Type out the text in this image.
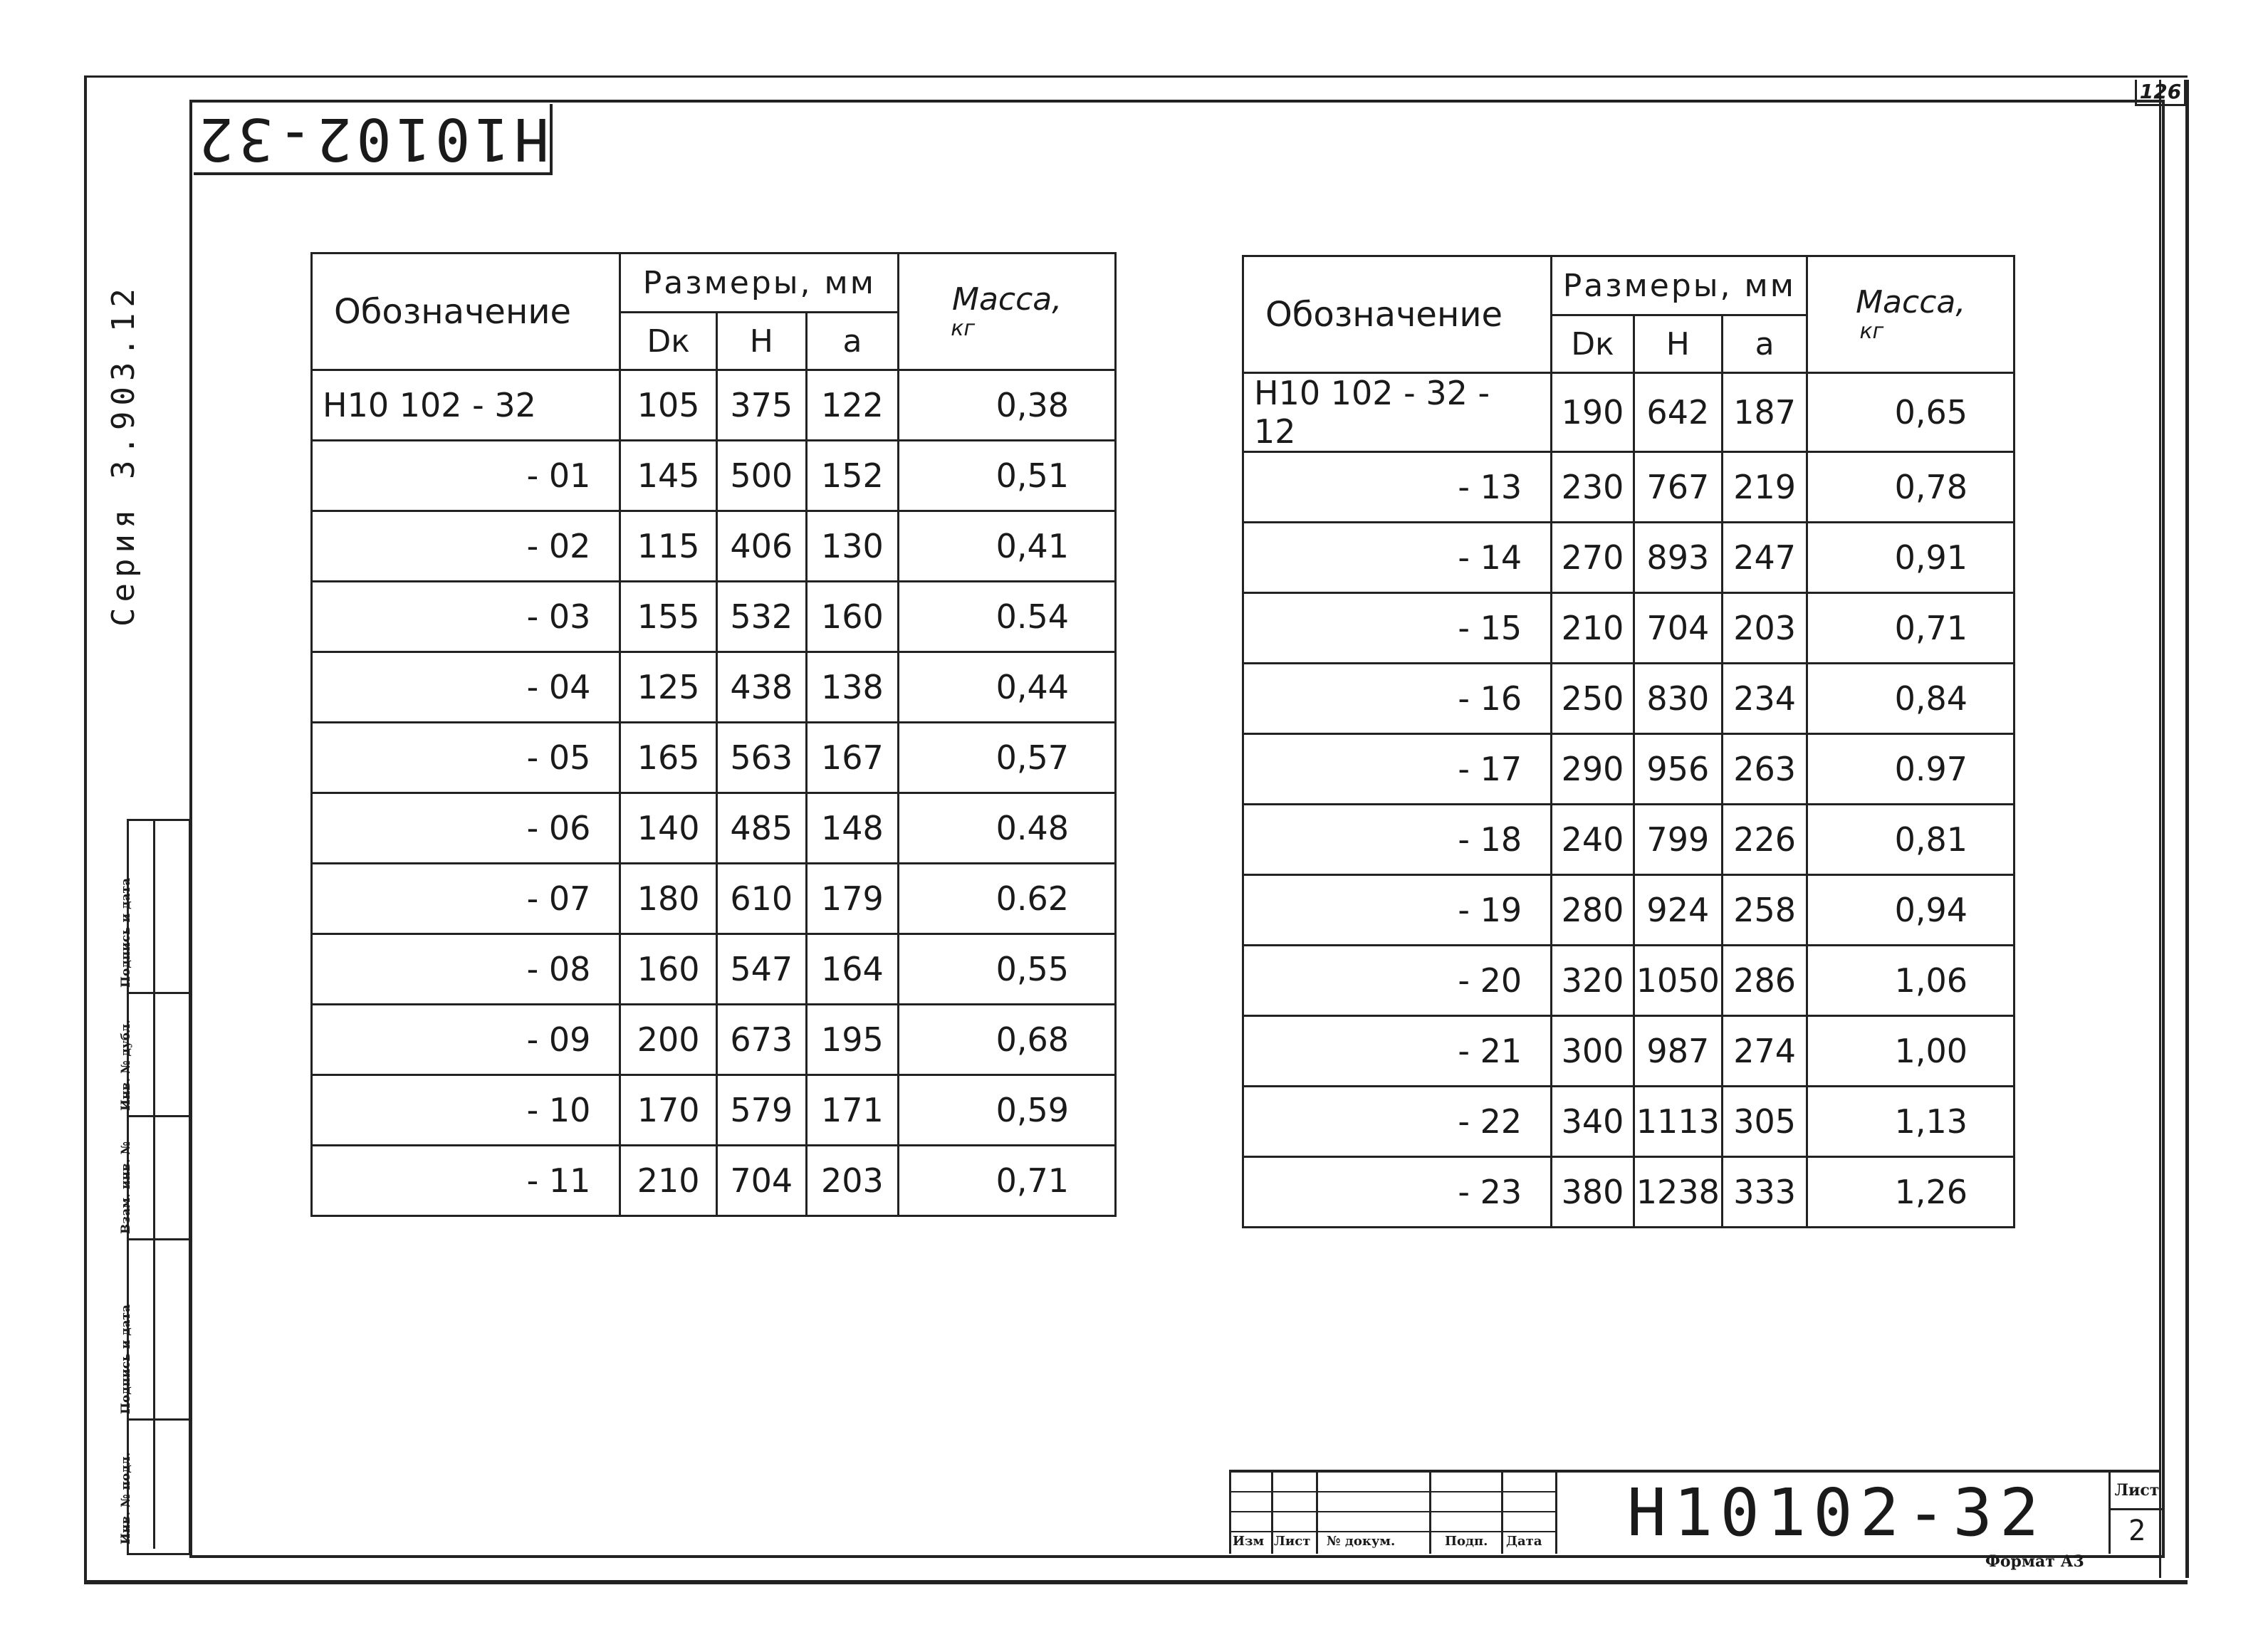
126
H10102-32
Серия 3.903.12
Подпись и дата
Инв. № дубл.
Взам. инв. №
Подпись и дата
Инв. № подл.
Обозначение	Размеры, мм			Масса,
кг

	Dк	Н	а	
Н10 102 - 32	105	375	122	0,38
- 01	145	500	152	0,51
- 02	115	406	130	0,41
- 03	155	532	160	0.54
- 04	125	438	138	0,44
- 05	165	563	167	0,57
- 06	140	485	148	0.48
- 07	180	610	179	0.62
- 08	160	547	164	0,55
- 09	200	673	195	0,68
- 10	170	579	171	0,59
- 11	210	704	203	0,71
Обозначение	Размеры, мм			Масса,
кг

	Dк	Н	а	
Н10 102 - 32 - 12	190	642	187	0,65
- 13	230	767	219	0,78
- 14	270	893	247	0,91
- 15	210	704	203	0,71
- 16	250	830	234	0,84
- 17	290	956	263	0.97
- 18	240	799	226	0,81
- 19	280	924	258	0,94
- 20	320	1050	286	1,06
- 21	300	987	274	1,00
- 22	340	1113	305	1,13
- 23	380	1238	333	1,26
Изм Лист № докум.	Подп. Дата	Н10102-32	Лист
2
Формат А3
